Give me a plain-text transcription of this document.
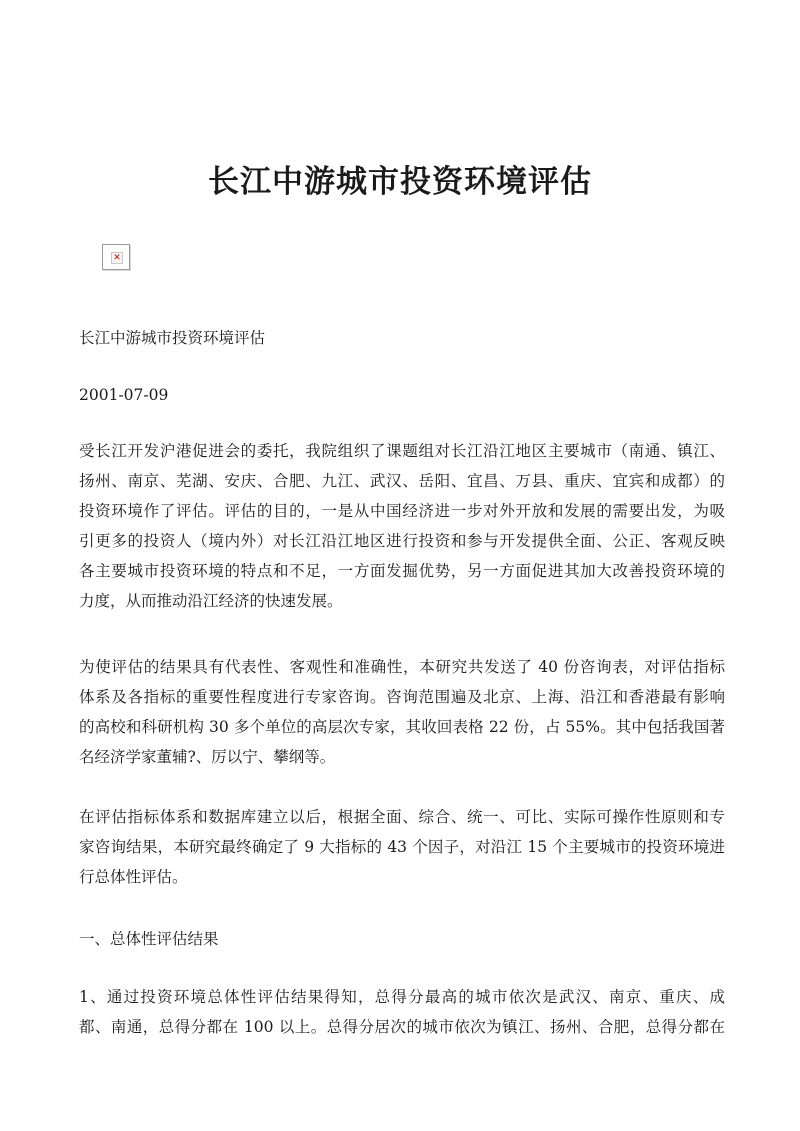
长江中游城市投资环境评估
✕

长江中游城市投资环境评估

2001-07-09

受长江开发沪港促进会的委托，我院组织了课题组对长江沿江地区主要城市（南通、镇江、
扬州、南京、芜湖、安庆、合肥、九江、武汉、岳阳、宜昌、万县、重庆、宜宾和成都）的
投资环境作了评估。评估的目的，一是从中国经济进一步对外开放和发展的需要出发，为吸
引更多的投资人（境内外）对长江沿江地区进行投资和参与开发提供全面、公正、客观反映
各主要城市投资环境的特点和不足，一方面发掘优势，另一方面促进其加大改善投资环境的
力度，从而推动沿江经济的快速发展。
为使评估的结果具有代表性、客观性和准确性，本研究共发送了 40 份咨询表，对评估指标
体系及各指标的重要性程度进行专家咨询。咨询范围遍及北京、上海、沿江和香港最有影响
的高校和科研机构 30 多个单位的高层次专家，其收回表格 22 份，占 55%。其中包括我国著
名经济学家董辅?、厉以宁、攀纲等。
在评估指标体系和数据库建立以后，根据全面、综合、统一、可比、实际可操作性原则和专
家咨询结果，本研究最终确定了 9 大指标的 43 个因子，对沿江 15 个主要城市的投资环境进
行总体性评估。

一、总体性评估结果

1、通过投资环境总体性评估结果得知，总得分最高的城市依次是武汉、南京、重庆、成
都、南通，总得分都在 100 以上。总得分居次的城市依次为镇江、扬州、合肥，总得分都在
